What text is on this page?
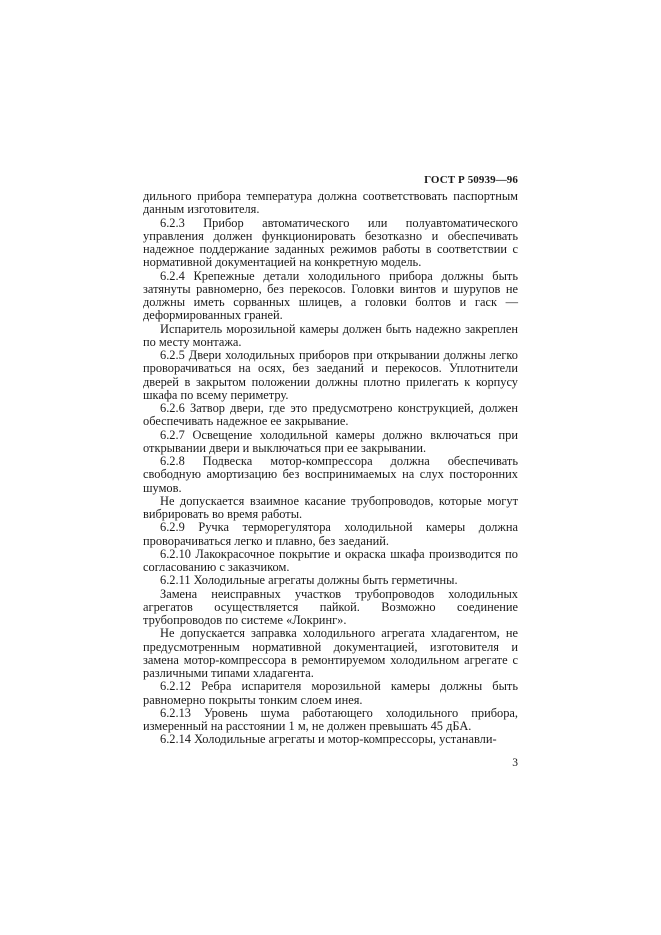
ГОСТ Р 50939—96

дильного прибора температура должна соответствовать паспортным данным изготовителя.

6.2.3 Прибор автоматического или полуавтоматического управления должен функционировать безотказно и обеспечивать надежное поддержание заданных режимов работы в соответствии с нормативной документацией на конкретную модель.

6.2.4 Крепежные детали холодильного прибора должны быть затянуты равномерно, без перекосов. Головки винтов и шурупов не должны иметь сорванных шлицев, а головки болтов и гаск — деформированных граней.

Испаритель морозильной камеры должен быть надежно закреплен по месту монтажа.

6.2.5 Двери холодильных приборов при открывании должны легко проворачиваться на осях, без заеданий и перекосов. Уплотнители дверей в закрытом положении должны плотно прилегать к корпусу шкафа по всему периметру.

6.2.6 Затвор двери, где это предусмотрено конструкцией, должен обеспечивать надежное ее закрывание.

6.2.7 Освещение холодильной камеры должно включаться при открывании двери и выключаться при ее закрывании.

6.2.8 Подвеска мотор-компрессора должна обеспечивать свободную амортизацию без воспринимаемых на слух посторонних шумов.

Не допускается взаимное касание трубопроводов, которые могут вибрировать во время работы.

6.2.9 Ручка терморегулятора холодильной камеры должна проворачиваться легко и плавно, без заеданий.

6.2.10 Лакокрасочное покрытие и окраска шкафа производится по согласованию с заказчиком.

6.2.11 Холодильные агрегаты должны быть герметичны.

Замена неисправных участков трубопроводов холодильных агрегатов осуществляется пайкой. Возможно соединение трубопроводов по системе «Локринг».

Не допускается заправка холодильного агрегата хладагентом, не предусмотренным нормативной документацией, изготовителя и замена мотор-компрессора в ремонтируемом холодильном агрегате с различными типами хладагента.

6.2.12 Ребра испарителя морозильной камеры должны быть равномерно покрыты тонким слоем инея.

6.2.13 Уровень шума работающего холодильного прибора, измеренный на расстоянии 1 м, не должен превышать 45 дБА.

6.2.14 Холодильные агрегаты и мотор-компрессоры, устанавли-

3
